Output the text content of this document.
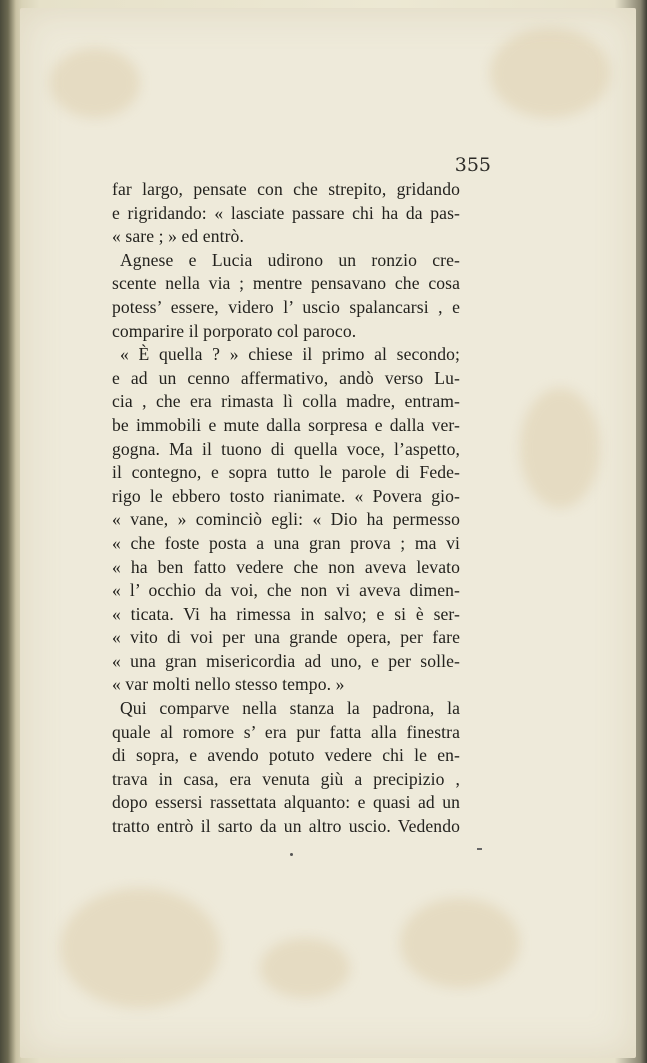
355
far largo, pensate con che strepito, gridando
e rigridando: « lasciate passare chi ha da pas-
« sare ; » ed entrò.
Agnese e Lucia udirono un ronzio cre-
scente nella via ; mentre pensavano che cosa
potess’ essere, videro l’ uscio spalancarsi , e
comparire il porporato col paroco.
« È quella ? » chiese il primo al secondo;
e ad un cenno affermativo, andò verso Lu-
cia , che era rimasta lì colla madre, entram-
be immobili e mute dalla sorpresa e dalla ver-
gogna. Ma il tuono di quella voce, l’aspetto,
il contegno, e sopra tutto le parole di Fede-
rigo le ebbero tosto rianimate. « Povera gio-
« vane, » cominciò egli: « Dio ha permesso
« che foste posta a una gran prova ; ma vi
« ha ben fatto vedere che non aveva levato
« l’ occhio da voi, che non vi aveva dimen-
« ticata. Vi ha rimessa in salvo; e si è ser-
« vito di voi per una grande opera, per fare
« una gran misericordia ad uno, e per solle-
« var molti nello stesso tempo. »
Qui comparve nella stanza la padrona, la
quale al romore s’ era pur fatta alla finestra
di sopra, e avendo potuto vedere chi le en-
trava in casa, era venuta giù a precipizio ,
dopo essersi rassettata alquanto: e quasi ad un
tratto entrò il sarto da un altro uscio. Vedendo
